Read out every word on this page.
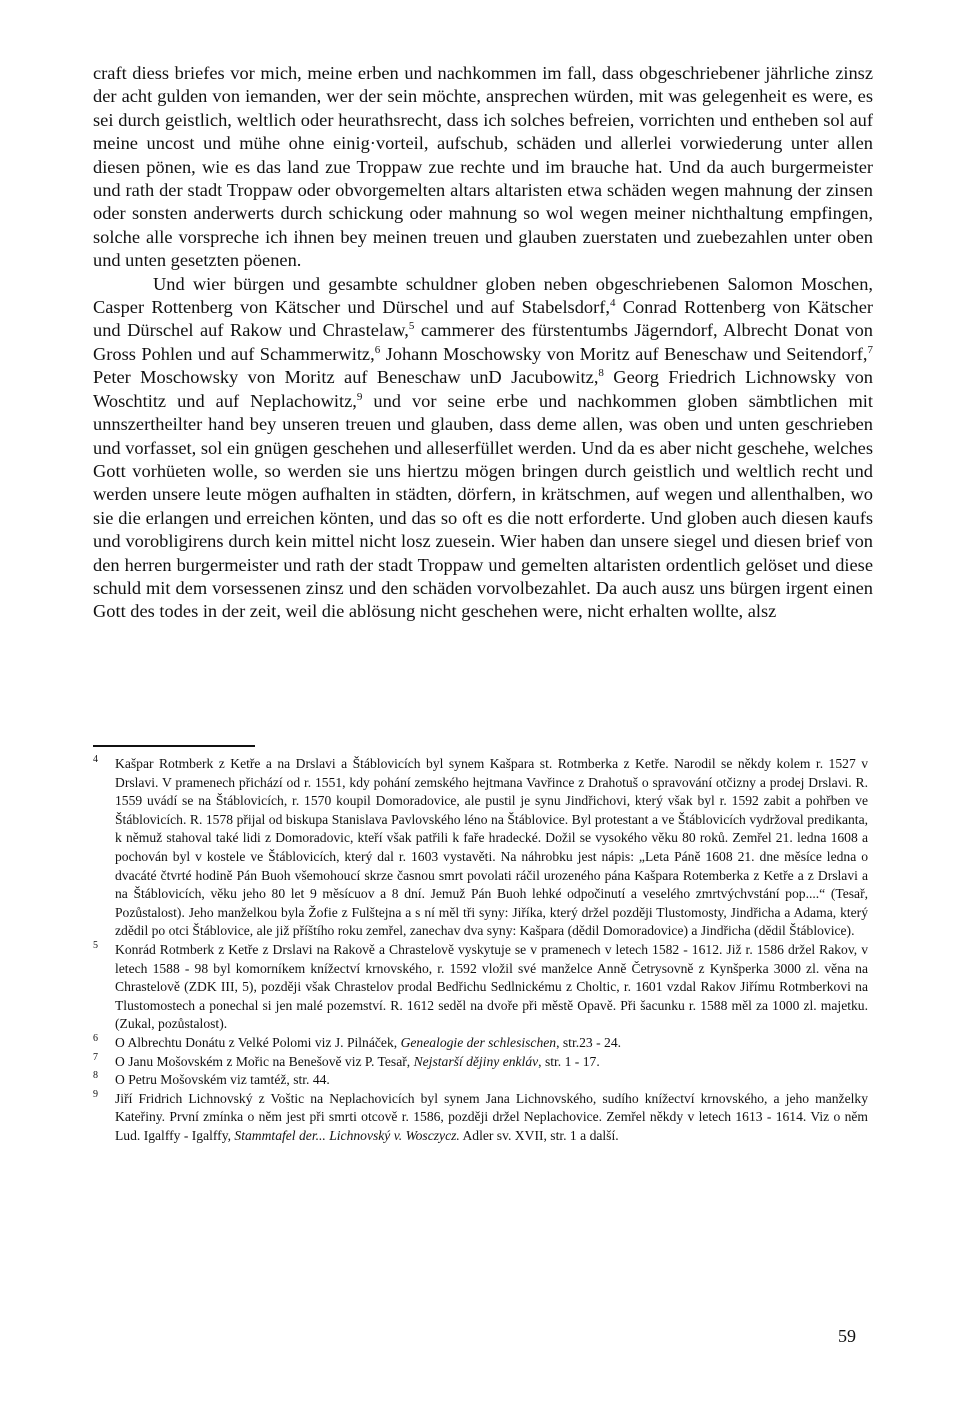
craft diess briefes vor mich, meine erben und nachkommen im fall, dass obgeschriebener jährliche zinsz der acht gulden von iemanden, wer der sein möchte, ansprechen würden, mit was gelegenheit es were, es sei durch geistlich, weltlich oder heurathsrecht, dass ich solches befreien, vorrichten und entheben sol auf meine uncost und mühe ohne einig·vorteil, aufschub, schäden und allerlei vorwiederung unter allen diesen pönen, wie es das land zue Troppaw zue rechte und im brauche hat. Und da auch burgermeister und rath der stadt Troppaw oder obvorgemelten altars altaristen etwa schäden wegen mahnung der zinsen oder sonsten anderwerts durch schickung oder mahnung so wol wegen meiner nichthaltung empfingen, solche alle vorspreche ich ihnen bey meinen treuen und glauben zuerstaten und zuebezahlen unter oben und unten gesetzten pöenen.

Und wier bürgen und gesambte schuldner globen neben obgeschriebenen Salomon Moschen, Casper Rottenberg von Kätscher und Dürschel und auf Stabelsdorf,$^4$ Conrad Rottenberg von Kätscher und Dürschel auf Rakow und Chrastelaw,$^5$ cammerer des fürstentumbs Jägerndorf, Albrecht Donat von Gross Pohlen und auf Schammerwitz,$^6$ Johann Moschowsky von Moritz auf Beneschaw und Seitendorf,$^7$ Peter Moschowsky von Moritz auf Beneschaw unD Jacubowitz,$^8$ Georg Friedrich Lichnowsky von Woschtitz und auf Neplachowitz,$^9$ und vor seine erbe und nachkommen globen sämbtlichen mit unnszertheilter hand bey unseren treuen und glauben, dass deme allen, was oben und unten geschrieben und vorfasset, sol ein gnügen geschehen und alleserfüllet werden. Und da es aber nicht geschehe, welches Gott vorhüeten wolle, so werden sie uns hiertzu mögen bringen durch geistlich und weltlich recht und werden unsere leute mögen aufhalten in städten, dörfern, in krätschmen, auf wegen und allenthalben, wo sie die erlangen und erreichen könten, und das so oft es die nott erforderte. Und globen auch diesen kaufs und vorobligirens durch kein mittel nicht losz zuesein. Wier haben dan unsere siegel und diesen brief von den herren burgermeister und rath der stadt Troppaw und gemelten altaristen ordentlich gelöset und diese schuld mit dem vorsessenen zinsz und den schäden vorvolbezahlet. Da auch ausz uns bürgen irgent einen Gott des todes in der zeit, weil die ablösung nicht geschehen were, nicht erhalten wollte, alsz

4 Kašpar Rotmberk z Ketře a na Drslavi a Štáblovicích byl synem Kašpara st. Rotmberka z Ketře. Narodil se někdy kolem r. 1527 v Drslavi. V pramenech přichází od r. 1551, kdy pohání zemského hejtmana Vavřince z Drahotuš o spravování otčizny a prodej Drslavi. R. 1559 uvádí se na Štáblovicích, r. 1570 koupil Domoradovice, ale pustil je synu Jindřichovi, který však byl r. 1592 zabit a pohřben ve Štáblovicích. R. 1578 přijal od biskupa Stanislava Pavlovského léno na Štáblovice. Byl protestant a ve Štáblovicích vydržoval predikanta, k němuž stahoval také lidi z Domoradovic, kteří však patřili k faře hradecké. Dožil se vysokého věku 80 roků. Zemřel 21. ledna 1608 a pochován byl v kostele ve Štáblovicích, který dal r. 1603 vystavěti. Na náhrobku jest nápis: „Leta Páně 1608 21. dne měsíce ledna o dvacáté čtvrté hodině Pán Buoh všemohoucí skrze časnou smrt povolati ráčil urozeného pána Kašpara Rotemberka z Ketře a z Drslavi a na Štáblovicích, věku jeho 80 let 9 měsícuov a 8 dní. Jemuž Pán Buoh lehké odpočinutí a veselého zmrtvýchvstání pop....“ (Tesař, Pozůstalost). Jeho manželkou byla Žofie z Fulštejna a s ní měl tři syny: Jiříka, který držel později Tlustomosty, Jindřicha a Adama, který zdědil po otci Štáblovice, ale již příštího roku zemřel, zanechav dva syny: Kašpara (dědil Domoradovice) a Jindřicha (dědil Štáblovice).

5 Konrád Rotmberk z Ketře z Drslavi na Rakově a Chrastelově vyskytuje se v pramenech v letech 1582 - 1612. Již r. 1586 držel Rakov, v letech 1588 - 98 byl komorníkem knížectví krnovského, r. 1592 vložil své manželce Anně Četrysovně z Kynšperka 3000 zl. věna na Chrastelově (ZDK III, 5), později však Chrastelov prodal Bedřichu Sedlnickému z Choltic, r. 1601 vzdal Rakov Jiřímu Rotmberkovi na Tlustomostech a ponechal si jen malé pozemství. R. 1612 seděl na dvoře při městě Opavě. Při šacunku r. 1588 měl za 1000 zl. majetku. (Zukal, pozůstalost).

6 O Albrechtu Donátu z Velké Polomi viz J. Pilnáček, Genealogie der schlesischen, str.23 - 24.

7 O Janu Mošovském z Mořic na Benešově viz P. Tesař, Nejstarší dějiny enkláv, str. 1 - 17.

8 O Petru Mošovském viz tamtéž, str. 44.

9 Jiří Fridrich Lichnovský z Voštic na Neplachovicích byl synem Jana Lichnovského, sudího knížectví krnovského, a jeho manželky Kateřiny. První zmínka o něm jest při smrti otcově r. 1586, později držel Neplachovice. Zemřel někdy v letech 1613 - 1614. Viz o něm Lud. Igalffy - Igalffy, Stammtafel der... Lichnovský v. Wosczycz. Adler sv. XVII, str. 1 a další.

59
